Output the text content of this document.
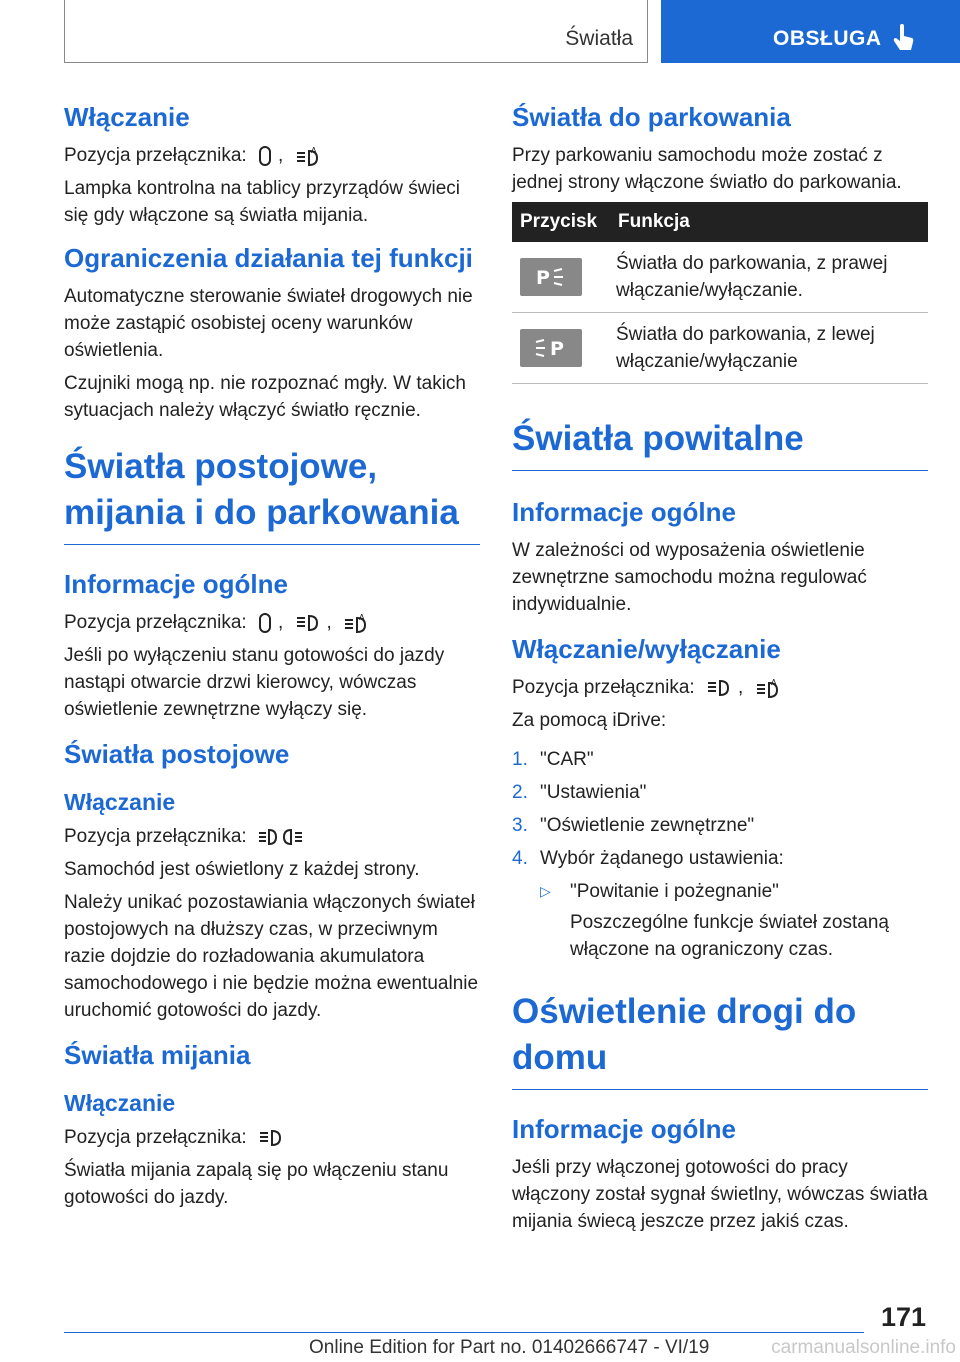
Światła	OBSŁUGA
Włączanie

Pozycja przełącznika: ,	A

Lampka kontrolna na tablicy przyrządów świeci się gdy włączone są światła mijania.

Ograniczenia działania tej funkcji

Automatyczne sterowanie świateł drogowych nie może zastąpić osobistej oceny warunków oświetlenia.

Czujniki mogą np. nie rozpoznać mgły. W takich sytuacjach należy włączyć światło ręcznie.

Światła postojowe, mijania i do parkowania
Informacje ogólne

Pozycja przełącznika: , ,	A

Jeśli po wyłączeniu stanu gotowości do jazdy nastąpi otwarcie drzwi kierowcy, wówczas oświetlenie zewnętrzne wyłączy się.

Światła postojowe
Włączanie

Pozycja przełącznika:

Samochód jest oświetlony z każdej strony.

Należy unikać pozostawiania włączonych świateł postojowych na dłuższy czas, w przeciwnym razie dojdzie do rozładowania akumulatora samochodowego i nie będzie można ewentualnie uruchomić gotowości do jazdy.

Światła mijania
Włączanie

Pozycja przełącznika:

Światła mijania zapalą się po włączeniu stanu gotowości do jazdy.

Światła do parkowania

Przy parkowaniu samochodu może zostać z jednej strony włączone światło do parkowania.

Przycisk	Funkcja

P	Światła do parkowania, z prawej włączanie/wyłączanie.

P	Światła do parkowania, z lewej włączanie/wyłączanie
Światła powitalne
Informacje ogólne

W zależności od wyposażenia oświetlenie zewnętrzne samochodu można regulować indywidualnie.

Włączanie/wyłączanie

Pozycja przełącznika: ,	A

Za pomocą iDrive:

1. "CAR"
2. "Ustawienia"
3. "Oświetlenie zewnętrzne"
4. Wybór żądanego ustawienia:
▷	"Powitanie i pożegnanie"
Poszczególne funkcje świateł zostaną włączone na ograniczony czas.
Oświetlenie drogi do domu
Informacje ogólne

Jeśli przy włączonej gotowości do pracy włączony został sygnał świetlny, wówczas światła mijania świecą jeszcze przez jakiś czas.

171
Online Edition for Part no. 01402666747 - VI/19	carmanualsonline.info
